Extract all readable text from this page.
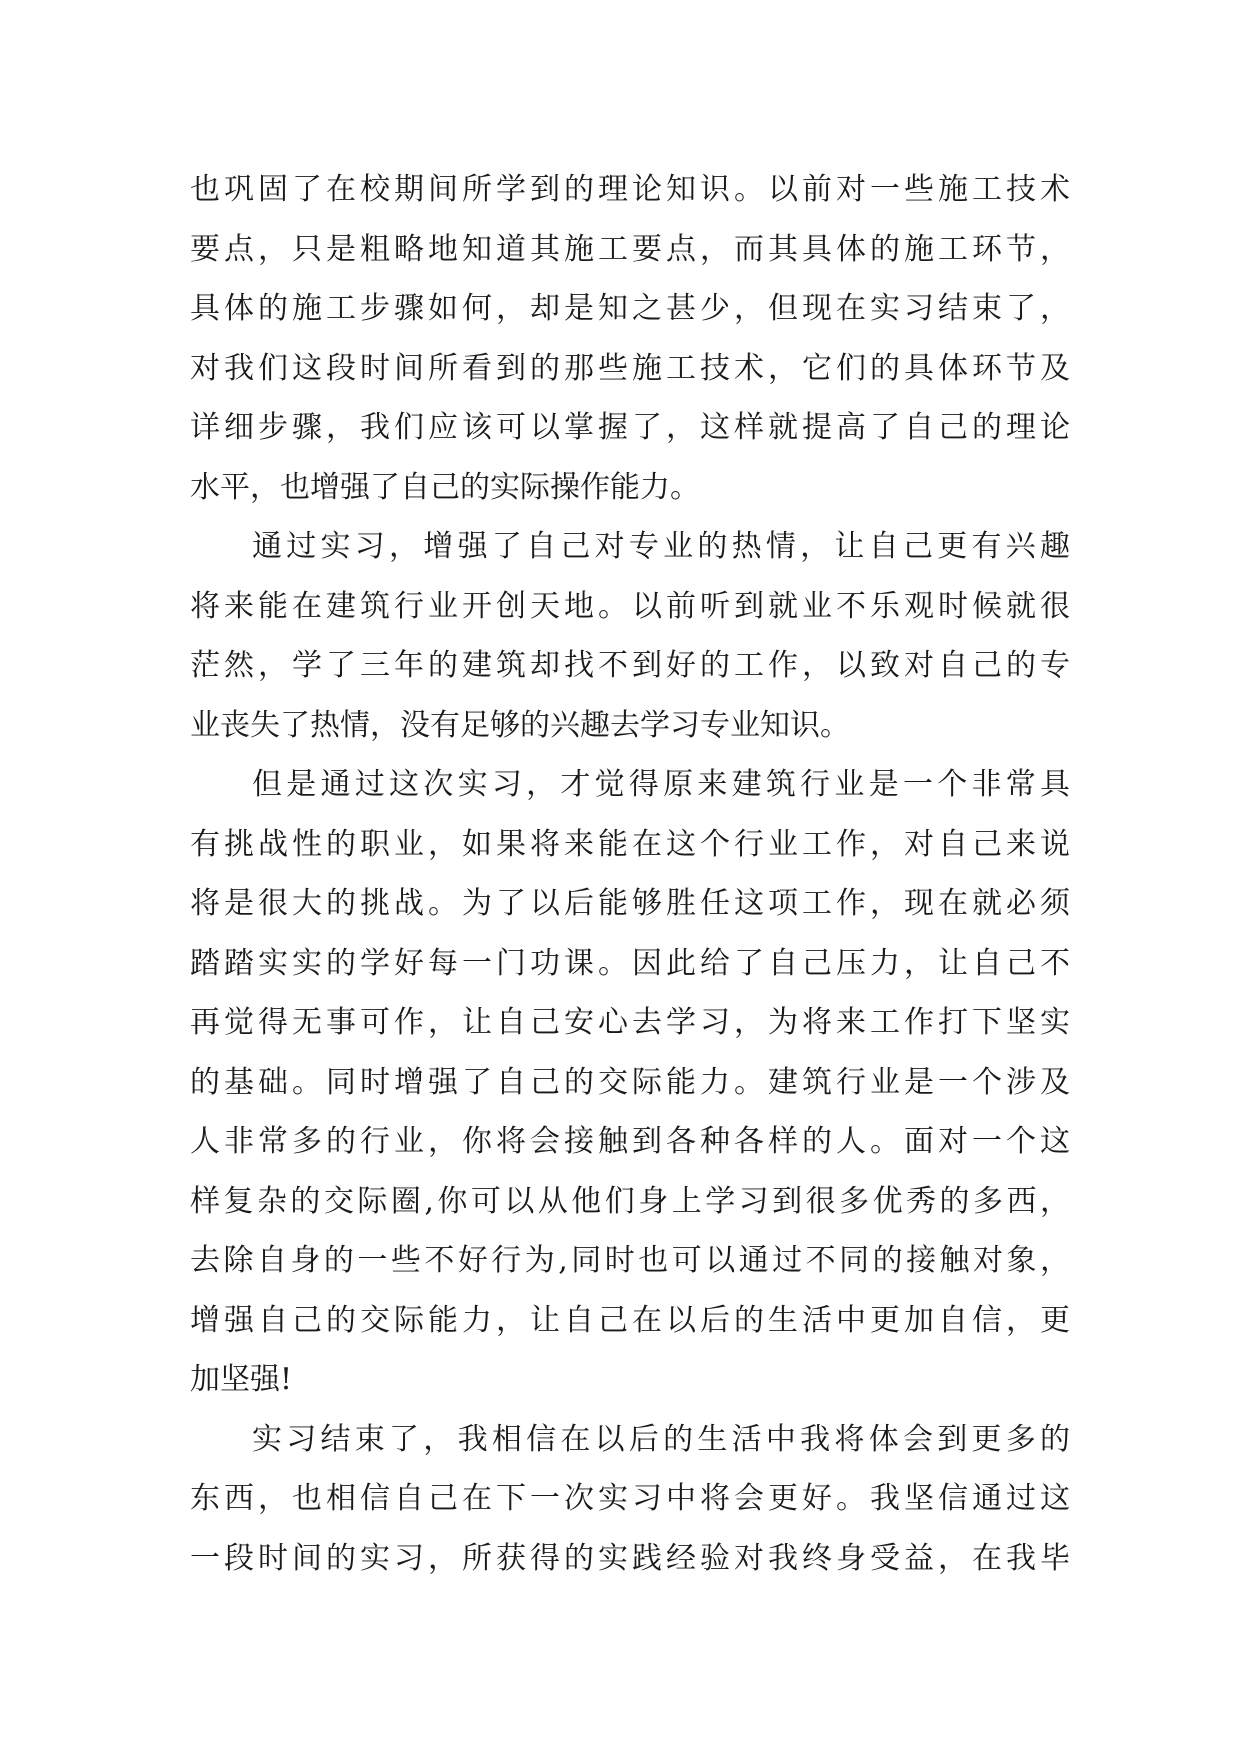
也巩固了在校期间所学到的理论知识。以前对一些施工技术
要点，只是粗略地知道其施工要点，而其具体的施工环节，
具体的施工步骤如何，却是知之甚少，但现在实习结束了，
对我们这段时间所看到的那些施工技术，它们的具体环节及
详细步骤，我们应该可以掌握了，这样就提高了自己的理论
水平，也增强了自己的实际操作能力。
通过实习，增强了自己对专业的热情，让自己更有兴趣
将来能在建筑行业开创天地。以前听到就业不乐观时候就很
茫然，学了三年的建筑却找不到好的工作，以致对自己的专
业丧失了热情，没有足够的兴趣去学习专业知识。
但是通过这次实习，才觉得原来建筑行业是一个非常具
有挑战性的职业，如果将来能在这个行业工作，对自己来说
将是很大的挑战。为了以后能够胜任这项工作，现在就必须
踏踏实实的学好每一门功课。因此给了自己压力，让自己不
再觉得无事可作，让自己安心去学习，为将来工作打下坚实
的基础。同时增强了自己的交际能力。建筑行业是一个涉及
人非常多的行业，你将会接触到各种各样的人。面对一个这
样复杂的交际圈,你可以从他们身上学习到很多优秀的多西，
去除自身的一些不好行为,同时也可以通过不同的接触对象，
增强自己的交际能力，让自己在以后的生活中更加自信，更
加坚强!
实习结束了，我相信在以后的生活中我将体会到更多的
东西，也相信自己在下一次实习中将会更好。我坚信通过这
一段时间的实习，所获得的实践经验对我终身受益，在我毕
